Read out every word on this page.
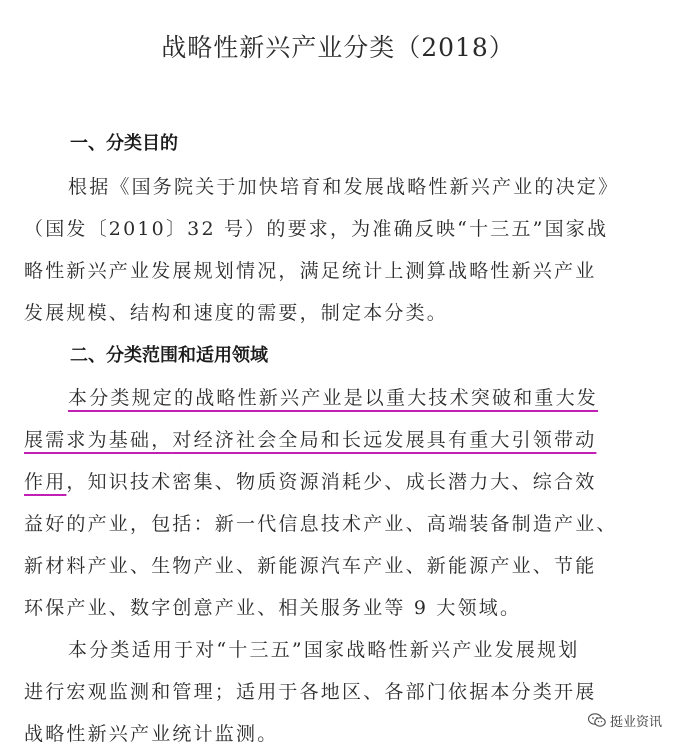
战略性新兴产业分类（2018）
一、分类目的
根据《国务院关于加快培育和发展战略性新兴产业的决定》
（国发〔2010〕32 号）的要求，为准确反映“十三五”国家战
略性新兴产业发展规划情况，满足统计上测算战略性新兴产业
发展规模、结构和速度的需要，制定本分类。
二、分类范围和适用领域
本分类规定的战略性新兴产业是以重大技术突破和重大发
展需求为基础，对经济社会全局和长远发展具有重大引领带动
作用，知识技术密集、物质资源消耗少、成长潜力大、综合效
益好的产业，包括：新一代信息技术产业、高端装备制造产业、
新材料产业、生物产业、新能源汽车产业、新能源产业、节能
环保产业、数字创意产业、相关服务业等 9 大领域。
本分类适用于对“十三五”国家战略性新兴产业发展规划
进行宏观监测和管理；适用于各地区、各部门依据本分类开展
战略性新兴产业统计监测。
挺业资讯
